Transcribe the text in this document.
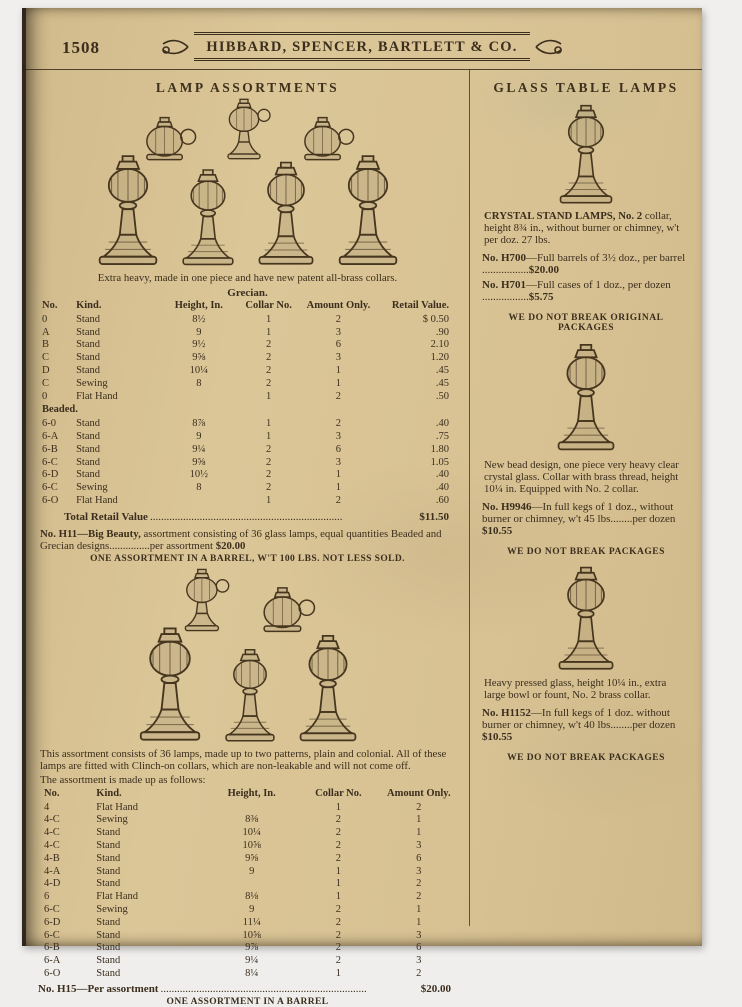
1508	HIBBARD, SPENCER, BARTLETT & CO.
LAMP ASSORTMENTS

Extra heavy, made in one piece and have new patent all-brass collars.

Grecian.
No.	Kind.	Height, In.	Collar No.	Amount Only.	Retail Value.
0	Stand	8½	1	2	$ 0.50
A	Stand	9	1	3	.90
B	Stand	9½	2	6	2.10
C	Stand	9⅝	2	3	1.20
D	Stand	10¼	2	1	.45
C	Sewing	8	2	1	.45
0	Flat Hand		1	2	.50
Beaded.					
6-0	Stand	8⅞	1	2	.40
6-A	Stand	9	1	3	.75
6-B	Stand	9¼	2	6	1.80
6-C	Stand	9⅝	2	3	1.05
6-D	Stand	10½	2	1	.40
6-C	Sewing	8	2	1	.40
6-O	Flat Hand		1	2	.60
Total Retail Value ......................................................................	$11.50

No. H11—Big Beauty, assortment consisting of 36 glass lamps, equal quantities Beaded and Grecian designs...............per assortment $20.00

ONE ASSORTMENT IN A BARREL, W'T 100 LBS. NOT LESS SOLD.

This assortment consists of 36 lamps, made up to two patterns, plain and colonial. All of these lamps are fitted with Clinch-on collars, which are non-leakable and will not come off.

The assortment is made up as follows:

No.	Kind.	Height, In.	Collar No.	Amount Only.
4	Flat Hand		1	2
4-C	Sewing	8⅜	2	1
4-C	Stand	10¼	2	1
4-C	Stand	10⅝	2	3
4-B	Stand	9⅝	2	6
4-A	Stand	9	1	3
4-D	Stand		1	2
6	Flat Hand	8⅛	1	2
6-C	Sewing	9	2	1
6-D	Stand	11¼	2	1
6-C	Stand	10⅝	2	3
6-B	Stand	9⅞	2	6
6-A	Stand	9¼	2	3
6-O	Stand	8¼	1	2
No. H15 —Per assortment ...........................................................................	$20.00
ONE ASSORTMENT IN A BARREL
GLASS TABLE LAMPS

CRYSTAL STAND LAMPS, No. 2 collar, height 8¾ in., without burner or chimney, w't per doz. 27 lbs.

No. H700—Full barrels of 3½ doz., per barrel .................$20.00

No. H701—Full cases of 1 doz., per dozen .................$5.75

WE DO NOT BREAK ORIGINAL PACKAGES

New bead design, one piece very heavy clear crystal glass. Collar with brass thread, height 10¼ in. Equipped with No. 2 collar.

No. H9946—In full kegs of 1 doz., without burner or chimney, w't 45 lbs........per dozen $10.55

WE DO NOT BREAK PACKAGES

Heavy pressed glass, height 10¼ in., extra large bowl or fount, No. 2 brass collar.

No. H1152—In full kegs of 1 doz. without burner or chimney, w't 40 lbs........per dozen $10.55

WE DO NOT BREAK PACKAGES
